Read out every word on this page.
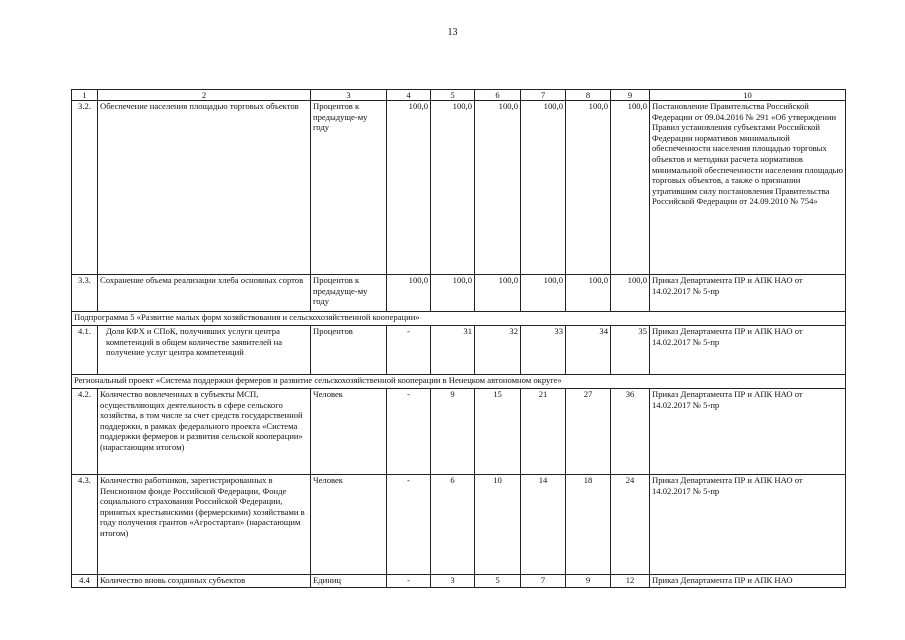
13
1	2	3	4	5	6	7	8	9	10
3.2.	Обеспечение населения площадью торговых объектов	Процентов к предыдуще-му году	100,0	100,0	100,0	100,0	100,0	100,0	Постановление Правительства Российской Федерации от 09.04.2016 № 291 «Об утверждении Правил установления субъектами Российской Федерации нормативов минимальной обеспеченности населения площадью торговых объектов и методики расчета нормативов минимальной обеспеченности населения площадью торговых объектов, а также о признании утратившим силу постановления Правительства Российской Федерации от 24.09.2010 № 754»
3.3.	Сохранение объема реализации хлеба основных сортов	Процентов к предыдуще-му году	100,0	100,0	100,0	100,0	100,0	100,0	Приказ Департамента ПР и АПК НАО от 14.02.2017 № 5-пр
Подпрограмма 5 «Развитие малых форм хозяйствования и сельскохозяйственной кооперации»									
4.1.	Доля КФХ и СПоК, получивших услуги центра компетенций в общем количестве заявителей на получение услуг центра компетенций	Процентов	-	31	32	33	34	35	Приказ Департамента ПР и АПК НАО от 14.02.2017 № 5-пр
Региональный проект «Система поддержки фермеров и развитие сельскохозяйственной кооперации в Ненецком автономном округе»									
4.2.	Количество вовлеченных в субъекты МСП, осуществляющих деятельность в сфере сельского хозяйства, в том числе за счет средств государственной поддержки, в рамках федерального проекта «Система поддержки фермеров и развития сельской кооперации» (нарастающим итогом)	Человек	-	9	15	21	27	36	Приказ Департамента ПР и АПК НАО от 14.02.2017 № 5-пр
4.3.	Количество работников, зарегистрированных в Пенсионном фонде Российской Федерации, Фонде социального страхования Российской Федерации, принятых крестьянскими (фермерскими) хозяйствами в году получения грантов «Агростартап» (нарастающим итогом)	Человек	-	6	10	14	18	24	Приказ Департамента ПР и АПК НАО от 14.02.2017 № 5-пр
4.4	Количество вновь созданных субъектов	Единиц	-	3	5	7	9	12	Приказ Департамента ПР и АПК НАО
